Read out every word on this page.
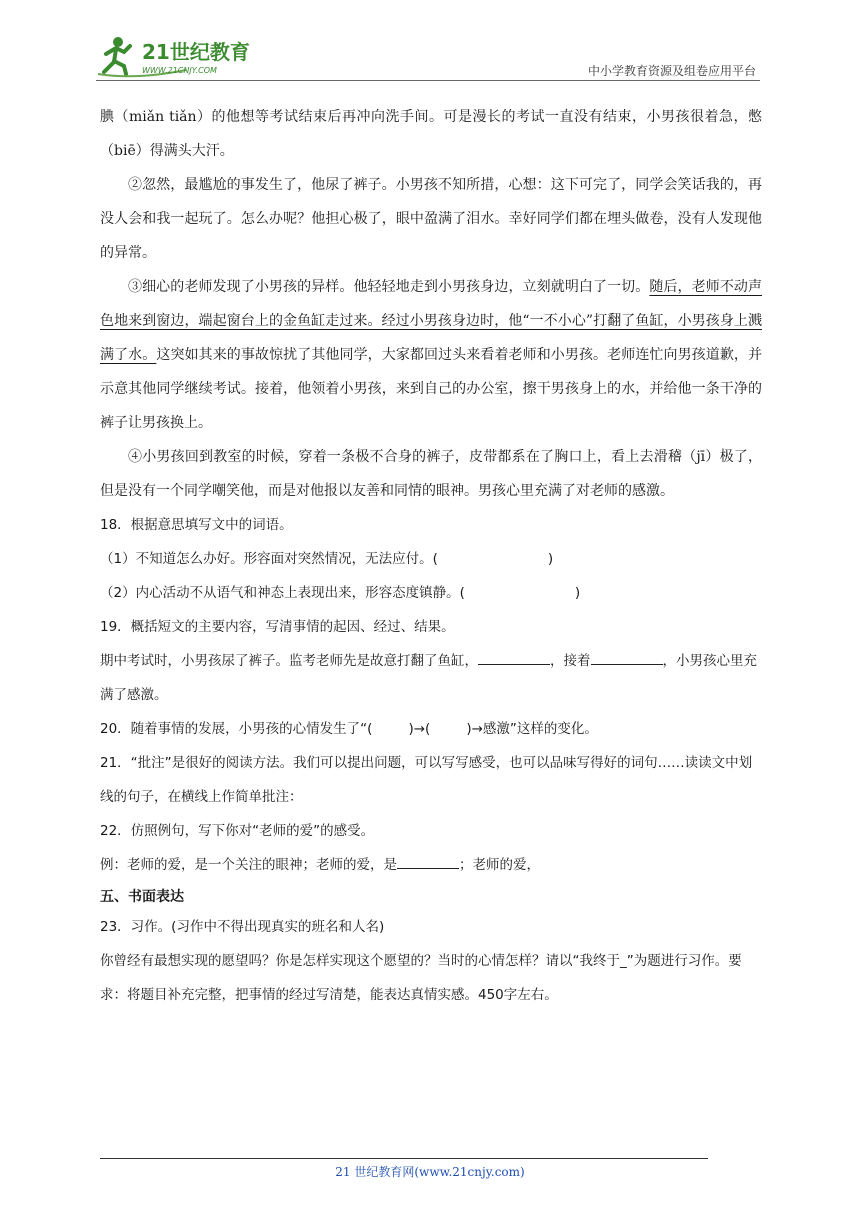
21世纪教育
WWW.21CNJY.COM	中小学教育资源及组卷应用平台

腆（miǎn tiǎn）的他想等考试结束后再冲向洗手间。可是漫长的考试一直没有结束，小男孩很着急，憋（biē）得满头大汗。

②忽然，最尴尬的事发生了，他尿了裤子。小男孩不知所措，心想：这下可完了，同学会笑话我的，再没人会和我一起玩了。怎么办呢？他担心极了，眼中盈满了泪水。幸好同学们都在埋头做卷，没有人发现他的异常。

③细心的老师发现了小男孩的异样。他轻轻地走到小男孩身边，立刻就明白了一切。随后，老师不动声色地来到窗边，端起窗台上的金鱼缸走过来。经过小男孩身边时，他“一不小心”打翻了鱼缸，小男孩身上溅满了水。这突如其来的事故惊扰了其他同学，大家都回过头来看着老师和小男孩。老师连忙向男孩道歉，并示意其他同学继续考试。接着，他领着小男孩，来到自己的办公室，擦干男孩身上的水，并给他一条干净的裤子让男孩换上。

④小男孩回到教室的时候，穿着一条极不合身的裤子，皮带都系在了胸口上，看上去滑稽（jī）极了，但是没有一个同学嘲笑他，而是对他报以友善和同情的眼神。男孩心里充满了对老师的感激。

18．根据意思填写文中的词语。

（1）不知道怎么办好。形容面对突然情况，无法应付。(	)

（2）内心活动不从语气和神态上表现出来，形容态度镇静。(	)

19．概括短文的主要内容，写清事情的起因、经过、结果。

期中考试时，小男孩尿了裤子。监考老师先是故意打翻了鱼缸，	，接着	，小男孩心里充满了感激。

20．随着事情的发展，小男孩的心情发生了“(	)→(	)→感激”这样的变化。

21．“批注”是很好的阅读方法。我们可以提出问题，可以写写感受，也可以品味写得好的词句……读读文中划线的句子，在横线上作简单批注：

22．仿照例句，写下你对“老师的爱”的感受。

例：老师的爱，是一个关注的眼神；老师的爱，是	；老师的爱，

五、书面表达

23．习作。(习作中不得出现真实的班名和人名)

你曾经有最想实现的愿望吗？你是怎样实现这个愿望的？当时的心情怎样？请以“我终于_”为题进行习作。要求：将题目补充完整，把事情的经过写清楚，能表达真情实感。450字左右。

21 世纪教育网(www.21cnjy.com)
